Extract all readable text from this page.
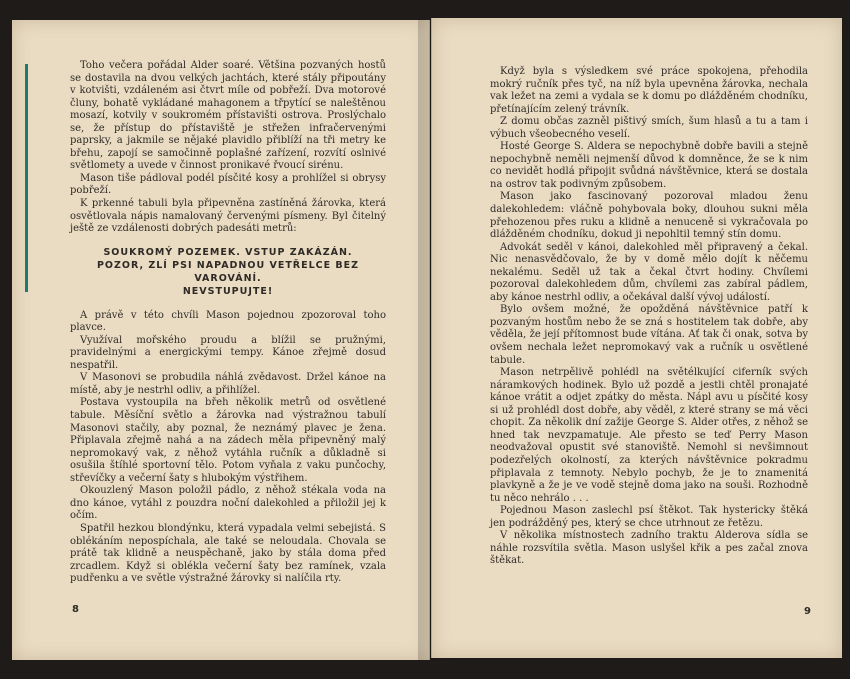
Toho večera pořádal Alder soaré. Většina pozvaných hostů se dostavila na dvou velkých jachtách, které stály připoutány v kotvišti, vzdáleném asi čtvrt míle od pobřeží. Dva motorové čluny, bohatě vykládané mahagonem a třpytící se naleštěnou mosazí, kotvily v soukromém přístavišti ostrova. Proslýchalo se, že přístup do přístaviště je střežen infračervenými paprsky, a jakmile se nějaké plavidlo přiblíží na tři metry ke břehu, zapojí se samočinně poplašné zařízení, rozvítí oslnivé světlomety a uvede v činnost pronikavé řvoucí sirénu.

Mason tiše pádloval podél písčité kosy a prohlížel si obrysy pobřeží.

K prkenné tabuli byla připevněna zastíněná žárovka, která osvětlovala nápis namalovaný červenými písmeny. Byl čitelný ještě ze vzdálenosti dobrých padesáti metrů:

SOUKROMÝ POZEMEK. VSTUP ZAKÁZÁN.
POZOR, ZLÍ PSI NAPADNOU VETŘELCE BEZ VAROVÁNÍ.
NEVSTUPUJTE!

A právě v této chvíli Mason pojednou zpozoroval toho plavce.

Využíval mořského proudu a blížil se pružnými, pravidelnými a energickými tempy. Kánoe zřejmě dosud nespatřil.

V Masonovi se probudila náhlá zvědavost. Držel kánoe na místě, aby je nestrhl odliv, a přihlížel.

Postava vystoupila na břeh několik metrů od osvětlené tabule. Měsíční světlo a žárovka nad výstražnou tabulí Masonovi stačily, aby poznal, že neznámý plavec je žena. Připlavala zřejmě nahá a na zádech měla připevněný malý nepromokavý vak, z něhož vytáhla ručník a důkladně si osušila štíhlé sportovní tělo. Potom vyňala z vaku punčochy, střevíčky a večerní šaty s hlubokým výstřihem.

Okouzlený Mason položil pádlo, z něhož stékala voda na dno kánoe, vytáhl z pouzdra noční dalekohled a přiložil jej k očím.

Spatřil hezkou blondýnku, která vypadala velmi sebejistá. S oblékáním nepospíchala, ale také se neloudala. Chovala se prátě tak klidně a neuspěchaně, jako by stála doma před zrcadlem. Když si oblékla večerní šaty bez ramínek, vzala pudřenku a ve světle výstražné žárovky si nalíčila rty.

8

Když byla s výsledkem své práce spokojena, přehodila mokrý ručník přes tyč, na níž byla upevněna žárovka, nechala vak ležet na zemi a vydala se k domu po dlážděném chodníku, přetínajícím zelený trávník.

Z domu občas zazněl pištivý smích, šum hlasů a tu a tam i výbuch všeobecného veselí.

Hosté George S. Aldera se nepochybně dobře bavili a stejně nepochybně neměli nejmenší důvod k domněnce, že se k nim co nevidět hodlá připojit svůdná návštěvnice, která se dostala na ostrov tak podivným způsobem.

Mason jako fascinovaný pozoroval mladou ženu dalekohledem: vláčně pohybovala boky, dlouhou sukni měla přehozenou přes ruku a klidně a nenuceně si vykračovala po dlážděném chodníku, dokud ji nepohltil temný stín domu.

Advokát seděl v kánoi, dalekohled měl připravený a čekal. Nic nenasvědčovalo, že by v domě mělo dojít k něčemu nekalému. Seděl už tak a čekal čtvrt hodiny. Chvílemi pozoroval dalekohledem dům, chvílemi zas zabíral pádlem, aby kánoe nestrhl odliv, a očekával další vývoj událostí.

Bylo ovšem možné, že opožděná návštěvnice patří k pozvaným hostům nebo že se zná s hostitelem tak dobře, aby věděla, že její přítomnost bude vítána. Ať tak či onak, sotva by ovšem nechala ležet nepromokavý vak a ručník u osvětlené tabule.

Mason netrpělivě pohlédl na světélkující ciferník svých náramkových hodinek. Bylo už pozdě a jestli chtěl pronajaté kánoe vrátit a odjet zpátky do města. Nápl avu u písčité kosy si už prohlédl dost dobře, aby věděl, z které strany se má věci chopit. Za několik dní zažije George S. Alder otřes, z něhož se hned tak nevzpamatuje. Ale přesto se teď Perry Mason neodvažoval opustit své stanoviště. Nemohl si nevšimnout podezřelých okolností, za kterých návštěvnice pokradmu připlavala z temnoty. Nebylo pochyb, že je to znamenitá plavkyně a že je ve vodě stejně doma jako na souši. Rozhodně tu něco nehrálo . . .

Pojednou Mason zaslechl psí štěkot. Tak hystericky štěká jen podrážděný pes, který se chce utrhnout ze řetězu.

V několika místnostech zadního traktu Alderova sídla se náhle rozsvítila světla. Mason uslyšel křik a pes začal znova štěkat.

9
